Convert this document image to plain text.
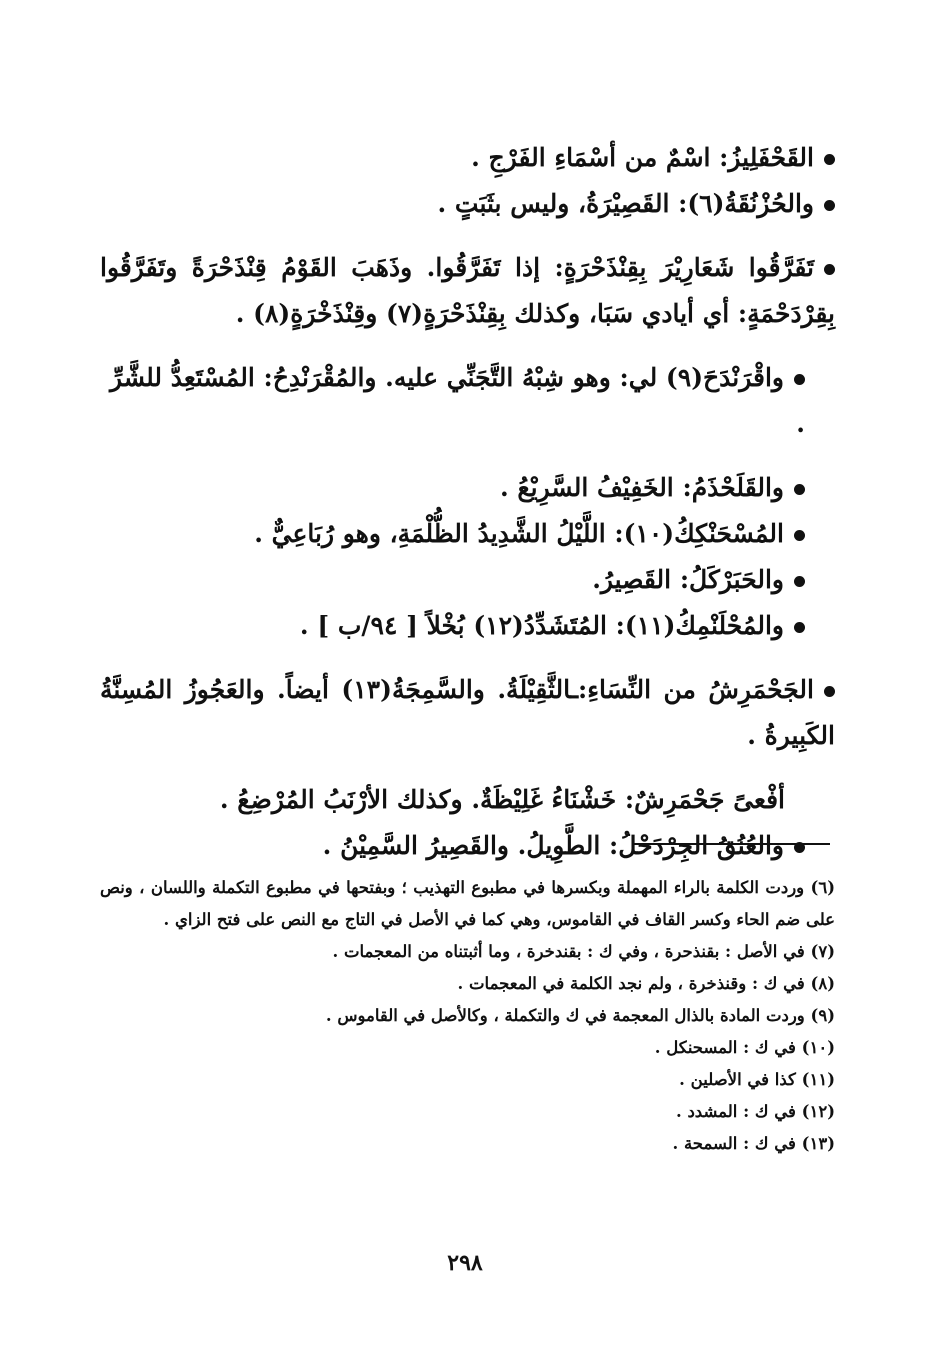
القَحْفَلِيزُ: اسْمٌ من أسْمَاءِ الفَرْجِ .

والحُزْنُقَةُ(٦): القَصِيْرَةُ، وليس بثَبَتٍ .

تَفَرَّقُوا شَعَارِيْرَ بِقِنْذَحْرَةٍ: إذا تَفَرَّقُوا. وذَهَبَ القَوْمُ قِنْذَحْرَةً وتَفَرَّقُوا بِقِرْدَحْمَةٍ: أي أيادي سَبَا، وكذلك بِقِنْذَحْرَةٍ(٧) وقِنْذَخْرَةٍ(٨) .

واقْرَنْدَحَ(٩) لي: وهو شِبْهُ التَّجَنِّي عليه. والمُقْرَنْدِحُ: المُسْتَعِدُّ للشَّرِّ .

والقَلَحْذَمُ: الخَفِيْفُ السَّرِيْعُ .

المُسْحَنْكِكُ(١٠): اللَّيْلُ الشَّدِيدُ الظُّلْمَةِ، وهو رُبَاعِيٌّ .

والحَبَرْكَلُ: القَصِيرُ.

والمُحْلَنْمِكُ(١١): المُتَشَدِّدُ(١٢) بُخْلاً [ ٩٤/ب ] .

الجَحْمَرِشُ من النِّسَاءِ:ـالثَّقِيْلَةُ. والسَّمِجَةُ(١٣) أيضاً. والعَجُوزُ المُسِنَّةُ الكَبِيرةُ .

أفْعىً جَحْمَرِشٌ: خَشْنَاءُ غَلِيْظَةٌ. وكذلك الأرْنَبُ المُرْضِعُ .

والعُنُقُ الجِرْدَحْلُ: الطَّوِيلُ. والقَصِيرُ السَّمِيْنُ .

(٦) وردت الكلمة بالراء المهملة وبكسرها في مطبوع التهذيب ؛ وبفتحها في مطبوع التكملة واللسان ، ونص على ضم الحاء وكسر القاف في القاموس، وهي كما في الأصل في التاج مع النص على فتح الزاي .

(٧) في الأصل : بقنذحرة ، وفي ك : بقندخرة ، وما أثبتناه من المعجمات .

(٨) في ك : وقنذخرة ، ولم نجد الكلمة في المعجمات .

(٩) وردت المادة بالذال المعجمة في ك والتكملة ، وكالأصل في القاموس .

(١٠) في ك : المسحنكل .

(١١) كذا في الأصلين .

(١٢) في ك : المشدد .

(١٣) في ك : السمحة .

٢٩٨
